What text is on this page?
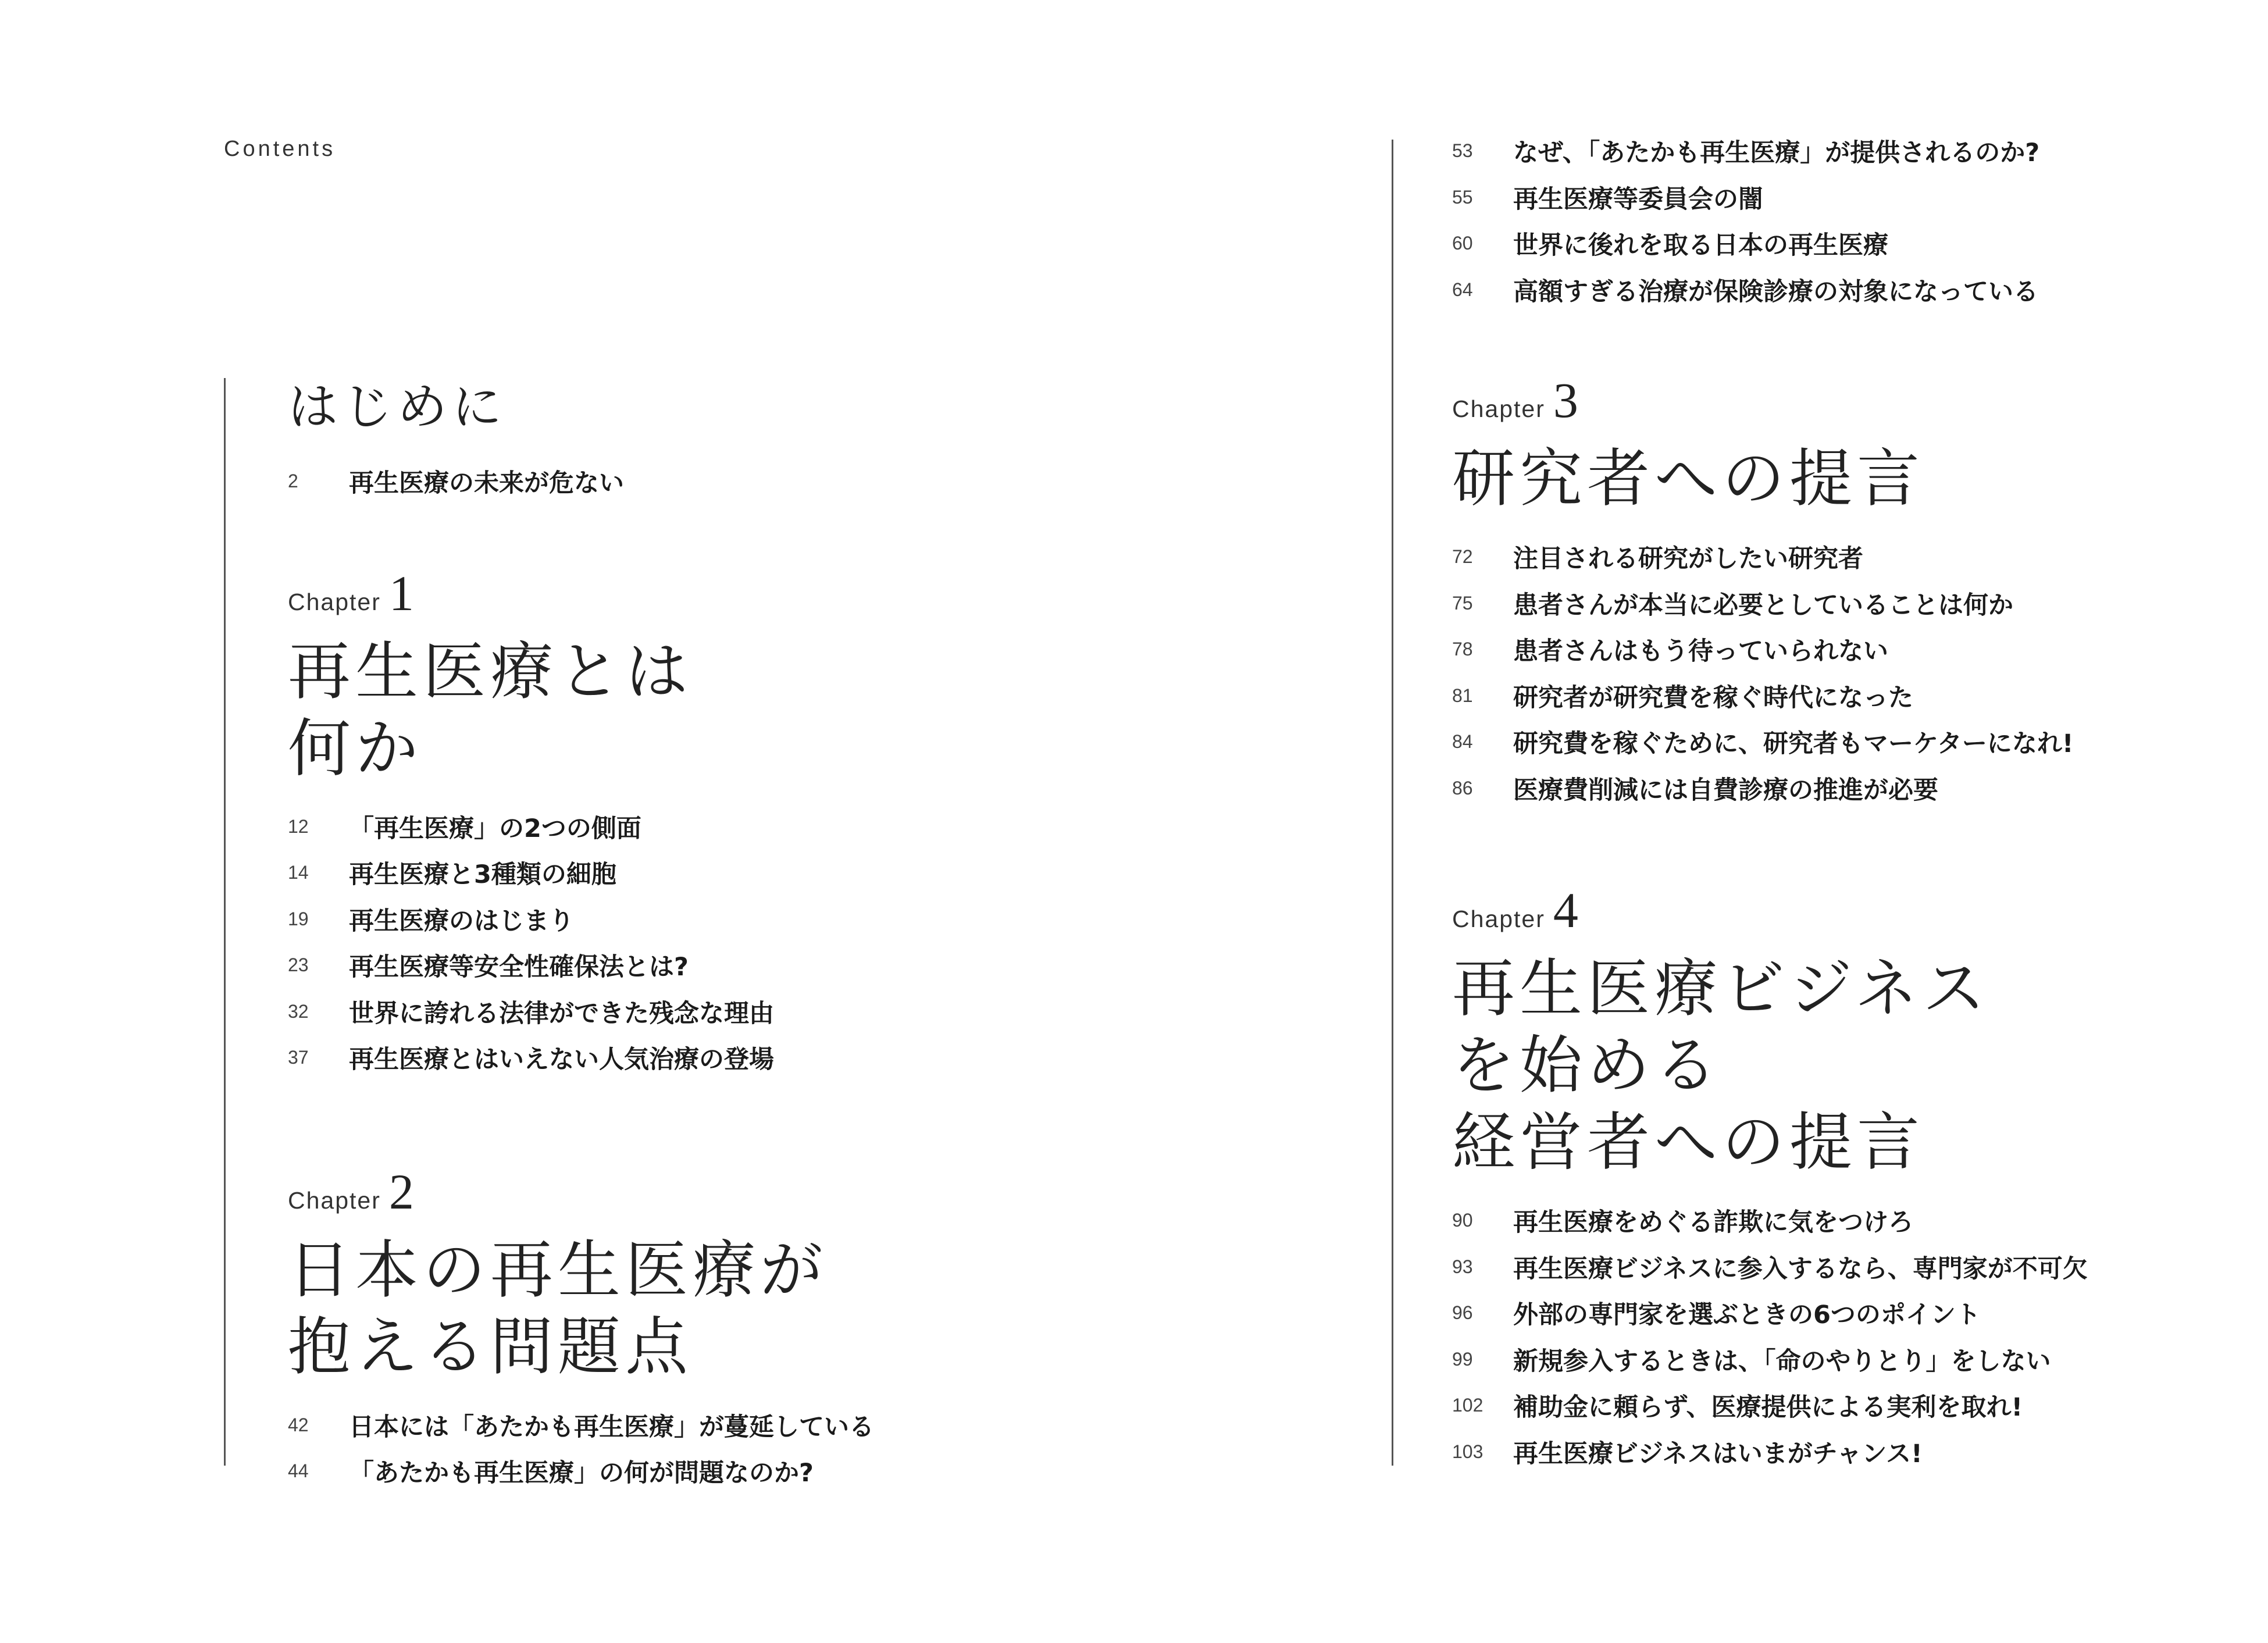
Contents
はじめに
2	再生医療の未来が危ない
Chapter 1
再生医療とは
何か
12	「再生医療」の2つの側面
14	再生医療と3種類の細胞
19	再生医療のはじまり
23	再生医療等安全性確保法とは?
32	世界に誇れる法律ができた残念な理由
37	再生医療とはいえない人気治療の登場
Chapter 2
日本の再生医療が
抱える問題点
42	日本には「あたかも再生医療」が蔓延している
44	「あたかも再生医療」の何が問題なのか?
53	なぜ、「あたかも再生医療」が提供されるのか?
55	再生医療等委員会の闇
60	世界に後れを取る日本の再生医療
64	高額すぎる治療が保険診療の対象になっている
Chapter 3
研究者への提言
72	注目される研究がしたい研究者
75	患者さんが本当に必要としていることは何か
78	患者さんはもう待っていられない
81	研究者が研究費を稼ぐ時代になった
84	研究費を稼ぐために、研究者もマーケターになれ!
86	医療費削減には自費診療の推進が必要
Chapter 4
再生医療ビジネス
を始める
経営者への提言
90	再生医療をめぐる詐欺に気をつけろ
93	再生医療ビジネスに参入するなら、専門家が不可欠
96	外部の専門家を選ぶときの6つのポイント
99	新規参入するときは、「命のやりとり」をしない
102	補助金に頼らず、医療提供による実利を取れ!
103	再生医療ビジネスはいまがチャンス!
